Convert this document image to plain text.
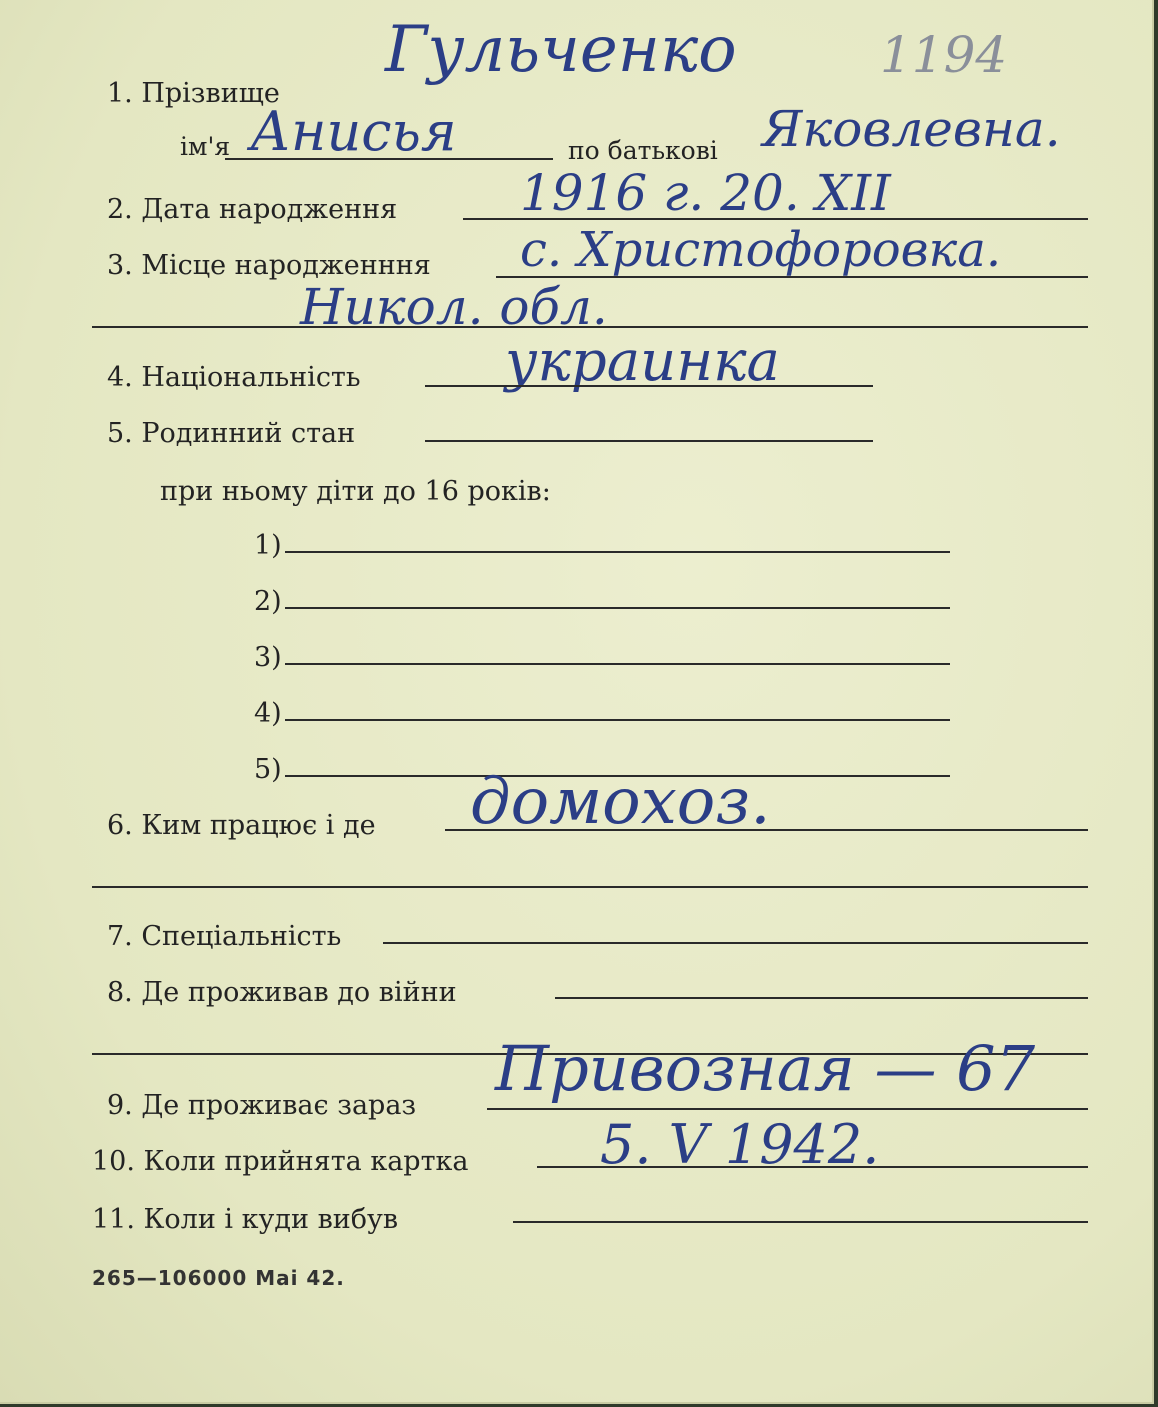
1. Прізвище
Гульченко	1194
ім'я Анисья	по батькові Яковлевна.
2. Дата народження 1916 г. 20. XII
3. Місце народженння с. Христофоровка.
Никол. обл.
4. Національність	украинка
5. Родинний стан
при ньому діти до 16 років:
1)
2)
3)
4)
5)
6. Ким працює і де домохоз.
7. Спеціальність
8. Де проживав до війни
9. Де проживає зараз
Привозная — 67
10. Коли прийнята картка 5. V 1942.
11. Коли і куди вибув
265—106000 Mai 42.
